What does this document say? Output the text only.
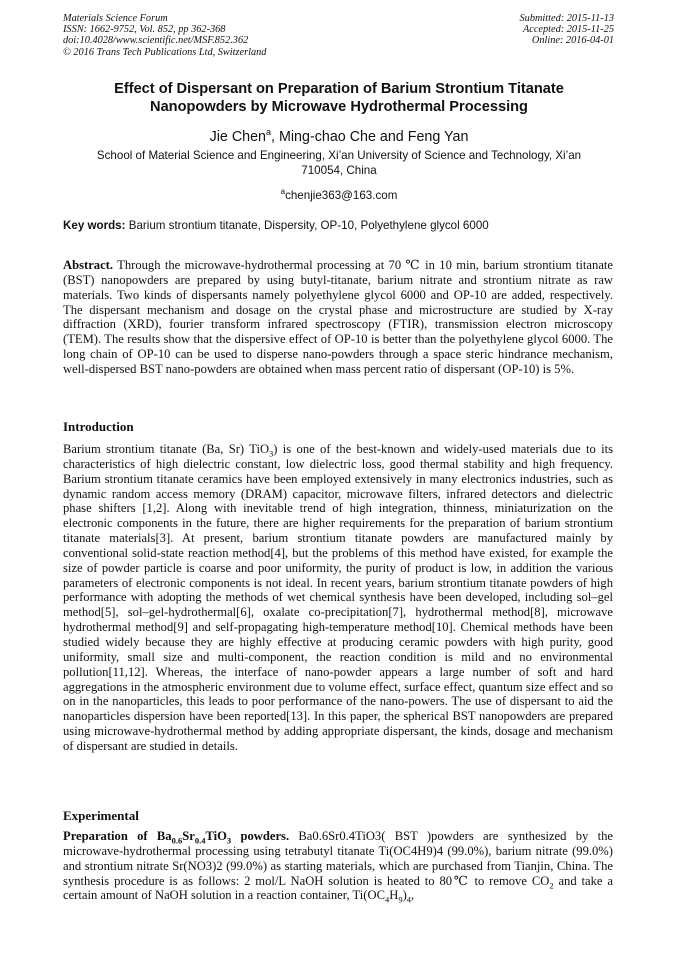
Materials Science Forum
ISSN: 1662-9752, Vol. 852, pp 362-368
doi:10.4028/www.scientific.net/MSF.852.362
© 2016 Trans Tech Publications Ltd, Switzerland
Submitted: 2015-11-13
Accepted: 2015-11-25
Online: 2016-04-01
Effect of Dispersant on Preparation of Barium Strontium Titanate
Nanopowders by Microwave Hydrothermal Processing
Jie Chen$^a$, Ming-chao Che and Feng Yan
School of Material Science and Engineering, Xi’an University of Science and Technology, Xi’an
710054, China
$^a$chenjie363@163.com
Key words: Barium strontium titanate, Dispersity, OP-10, Polyethylene glycol 6000
Abstract. Through the microwave-hydrothermal processing at 70 ℃ in 10 min, barium strontium titanate (BST) nanopowders are prepared by using butyl-titanate, barium nitrate and strontium nitrate as raw materials. Two kinds of dispersants namely polyethylene glycol 6000 and OP-10 are added, respectively. The dispersant mechanism and dosage on the crystal phase and microstructure are studied by X-ray diffraction (XRD), fourier transform infrared spectroscopy (FTIR), transmission electron microscopy (TEM). The results show that the dispersive effect of OP-10 is better than the polyethylene glycol 6000. The long chain of OP-10 can be used to disperse nano-powders through a space steric hindrance mechanism, well-dispersed BST nano-powders are obtained when mass percent ratio of dispersant (OP-10) is 5%.
Introduction
Barium strontium titanate (Ba, Sr) TiO$_3$) is one of the best-known and widely-used materials due to its characteristics of high dielectric constant, low dielectric loss, good thermal stability and high frequency. Barium strontium titanate ceramics have been employed extensively in many electronics industries, such as dynamic random access memory (DRAM) capacitor, microwave filters, infrared detectors and dielectric phase shifters [1,2]. Along with inevitable trend of high integration, thinness, miniaturization on the electronic components in the future, there are higher requirements for the preparation of barium strontium titanate materials[3]. At present, barium strontium titanate powders are manufactured mainly by conventional solid-state reaction method[4], but the problems of this method have existed, for example the size of powder particle is coarse and poor uniformity, the purity of product is low, in addition the various parameters of electronic components is not ideal. In recent years, barium strontium titanate powders of high performance with adopting the methods of wet chemical synthesis have been developed, including sol–gel method[5], sol–gel-hydrothermal[6], oxalate co-precipitation[7], hydrothermal method[8], microwave hydrothermal method[9] and self-propagating high-temperature method[10]. Chemical methods have been studied widely because they are highly effective at producing ceramic powders with high purity, good uniformity, small size and multi-component, the reaction condition is mild and no environmental pollution[11,12]. Whereas, the interface of nano-powder appears a large number of soft and hard aggregations in the atmospheric environment due to volume effect, surface effect, quantum size effect and so on in the nanoparticles, this leads to poor performance of the nano-powers. The use of dispersant to aid the nanoparticles dispersion have been reported[13]. In this paper, the spherical BST nanopowders are prepared using microwave-hydrothermal method by adding appropriate dispersant, the kinds, dosage and mechanism of dispersant are studied in details.
Experimental
Preparation of $Ba_{0.6}Sr_{0.4}TiO_3$ powders. Ba0.6Sr0.4TiO3( BST )powders are synthesized by the microwave-hydrothermal processing using tetrabutyl titanate Ti(OC4H9)4 (99.0%), barium nitrate (99.0%) and strontium nitrate Sr(NO3)2 (99.0%) as starting materials, which are purchased from Tianjin, China. The synthesis procedure is as follows: 2 mol/L NaOH solution is heated to 80℃ to remove $CO_2$ and take a certain amount of NaOH solution in a reaction container, $Ti(OC_4H_9)_4$,
